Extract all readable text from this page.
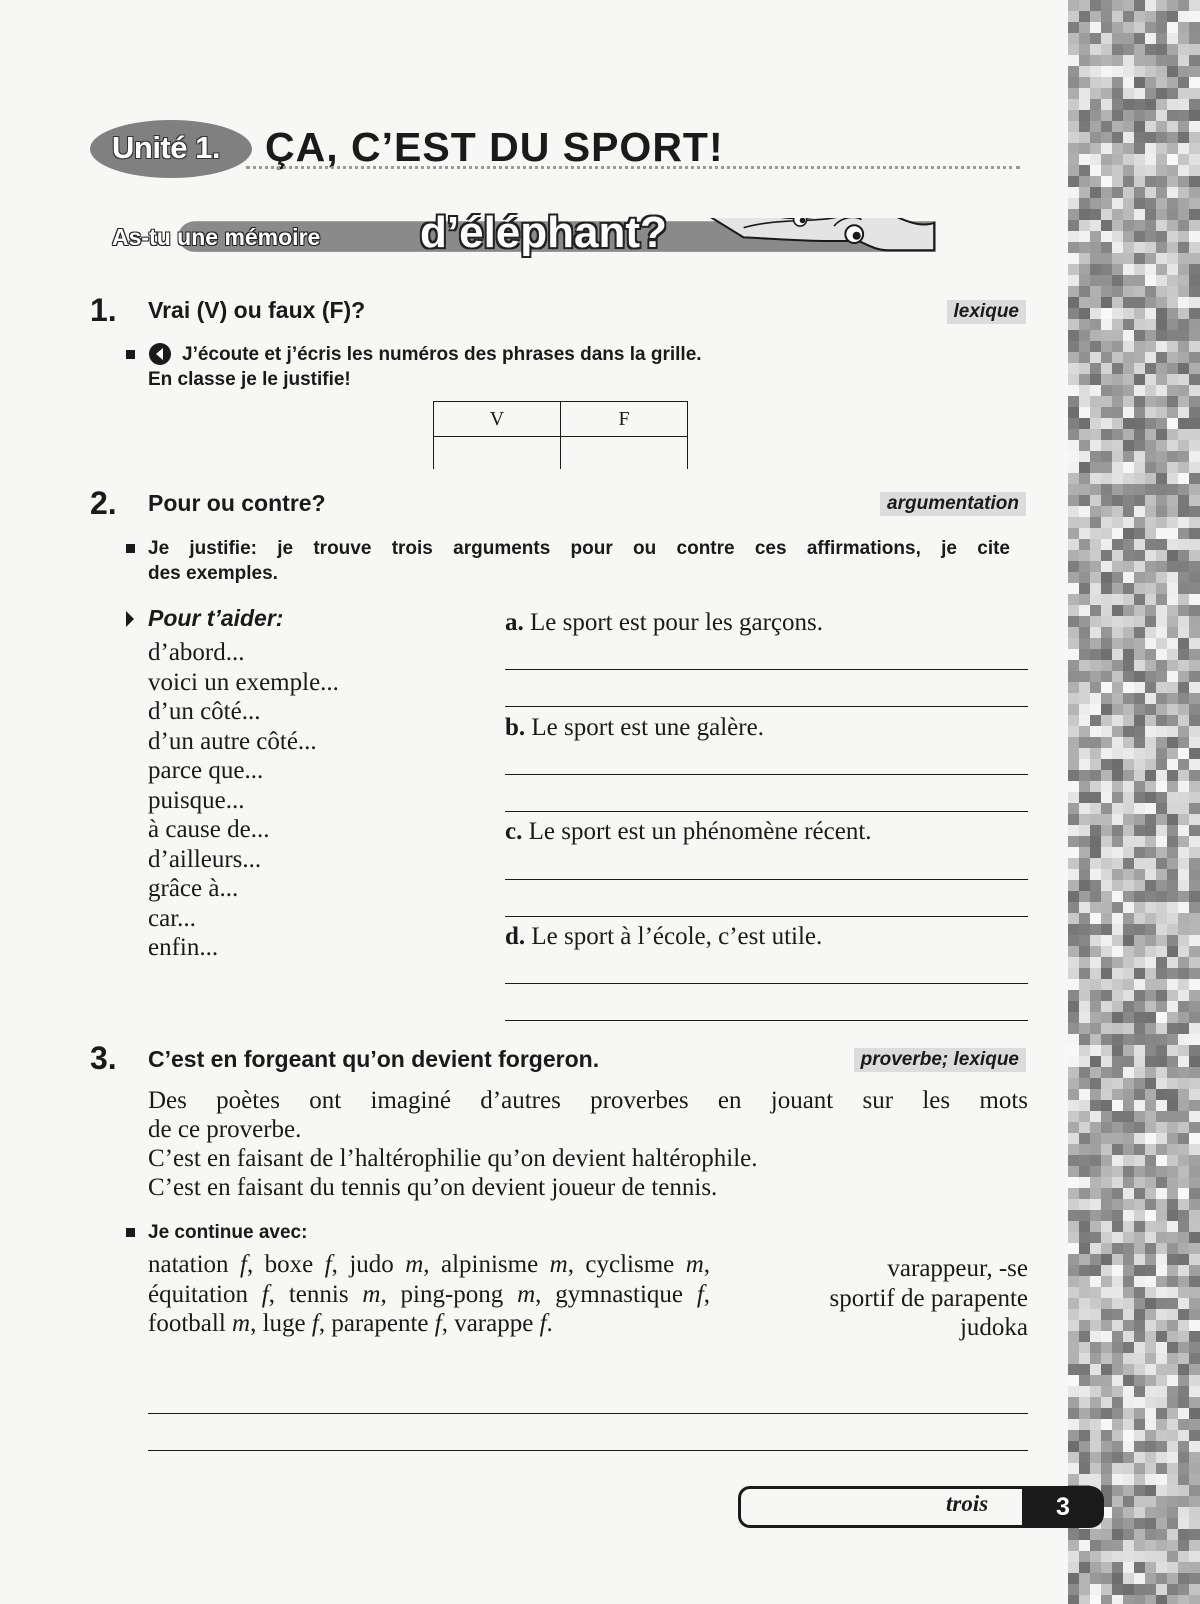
Unité 1. ÇA, C’EST DU SPORT!
As-tu une mémoire d’éléphant?
1. Vrai (V) ou faux (F)?	lexique
J’écoute et j’écris les numéros des phrases dans la grille.
En classe je le justifie!
V	F

2. Pour ou contre?	argumentation
Je justifie: je trouve trois arguments pour ou contre ces affirmations, je cite
des exemples.
Pour t’aider:
d’abord...
voici un exemple...
d’un côté...
d’un autre côté...
parce que...
puisque...
à cause de...
d’ailleurs...
grâce à...
car...
enfin...
a. Le sport est pour les garçons.
b. Le sport est une galère.
c. Le sport est un phénomène récent.
d. Le sport à l’école, c’est utile.
3. C’est en forgeant qu’on devient forgeron.	proverbe; lexique
Des poètes ont imaginé d’autres proverbes en jouant sur les mots
de ce proverbe.
C’est en faisant de l’haltérophilie qu’on devient haltérophile.
C’est en faisant du tennis qu’on devient joueur de tennis.
Je continue avec:
natation f, boxe f, judo m, alpinisme m, cyclisme m, équitation f, tennis m, ping-pong m, gymnastique f, football m, luge f, parapente f, varappe f.
varappeur, -se
sportif de parapente
judoka
trois	3
